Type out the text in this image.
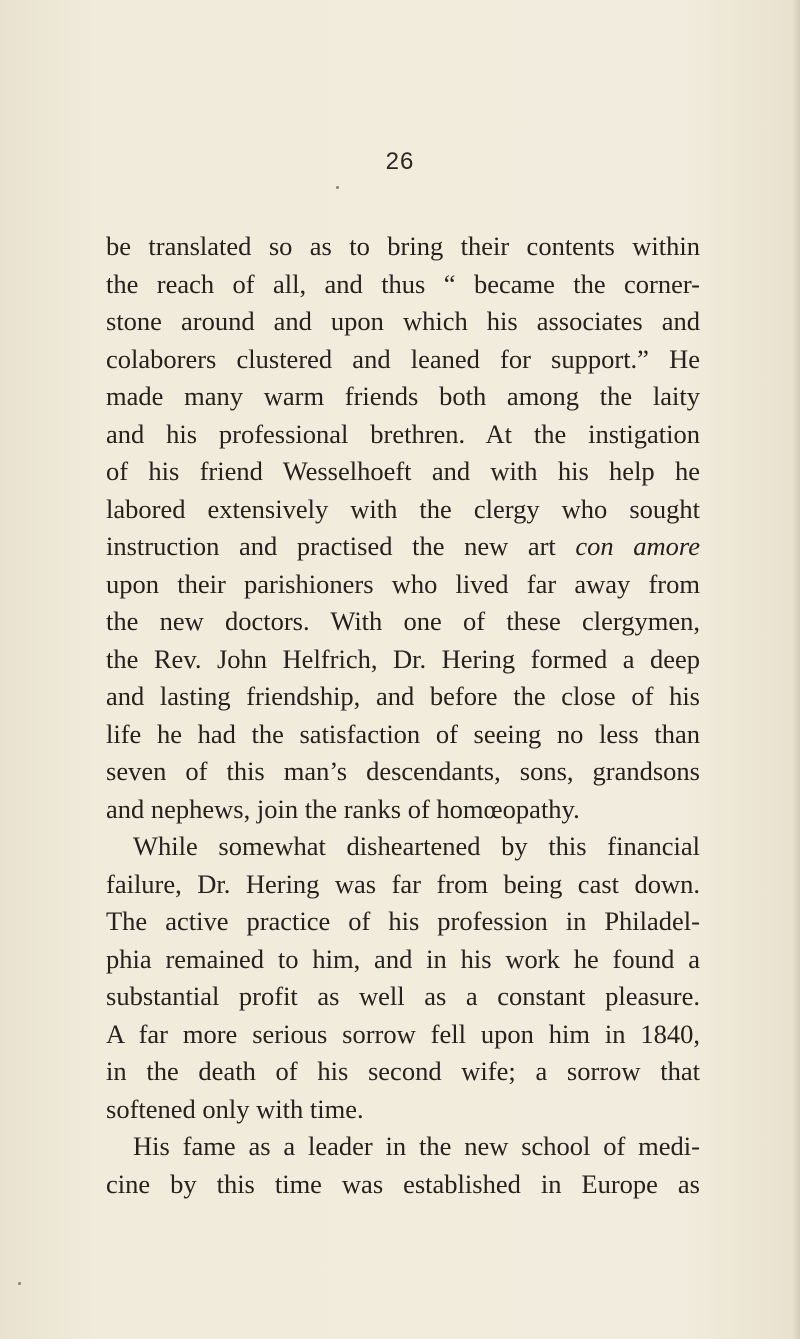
26
be translated so as to bring their contents within
the reach of all, and thus “ became the corner-
stone around and upon which his associates and
colaborers clustered and leaned for support.” He
made many warm friends both among the laity
and his professional brethren. At the instigation
of his friend Wesselhoeft and with his help he
labored extensively with the clergy who sought
instruction and practised the new art con amore
upon their parishioners who lived far away from
the new doctors. With one of these clergymen,
the Rev. John Helfrich, Dr. Hering formed a deep
and lasting friendship, and before the close of his
life he had the satisfaction of seeing no less than
seven of this man’s descendants, sons, grandsons
and nephews, join the ranks of homœopathy.
While somewhat disheartened by this financial
failure, Dr. Hering was far from being cast down.
The active practice of his profession in Philadel-
phia remained to him, and in his work he found a
substantial profit as well as a constant pleasure.
A far more serious sorrow fell upon him in 1840,
in the death of his second wife; a sorrow that
softened only with time.
His fame as a leader in the new school of medi-
cine by this time was established in Europe as
